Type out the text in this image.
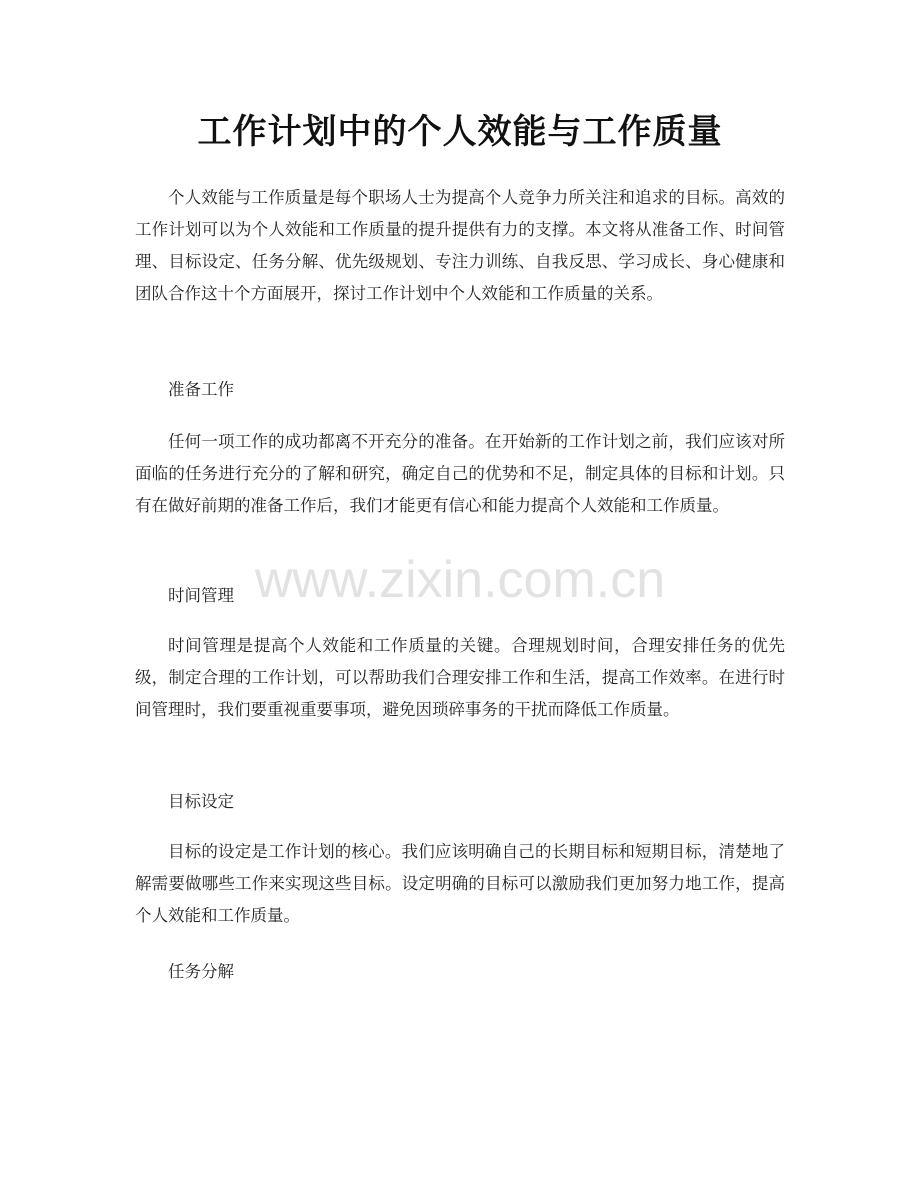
工作计划中的个人效能与工作质量
个人效能与工作质量是每个职场人士为提高个人竞争力所关注和追求的目标。高效的工作计划可以为个人效能和工作质量的提升提供有力的支撑。本文将从准备工作、时间管理、目标设定、任务分解、优先级规划、专注力训练、自我反思、学习成长、身心健康和团队合作这十个方面展开，探讨工作计划中个人效能和工作质量的关系。
准备工作
任何一项工作的成功都离不开充分的准备。在开始新的工作计划之前，我们应该对所面临的任务进行充分的了解和研究，确定自己的优势和不足，制定具体的目标和计划。只有在做好前期的准备工作后，我们才能更有信心和能力提高个人效能和工作质量。
时间管理
时间管理是提高个人效能和工作质量的关键。合理规划时间，合理安排任务的优先级，制定合理的工作计划，可以帮助我们合理安排工作和生活，提高工作效率。在进行时间管理时，我们要重视重要事项，避免因琐碎事务的干扰而降低工作质量。
目标设定
目标的设定是工作计划的核心。我们应该明确自己的长期目标和短期目标，清楚地了解需要做哪些工作来实现这些目标。设定明确的目标可以激励我们更加努力地工作，提高个人效能和工作质量。
任务分解
www.zixin.com.cn
